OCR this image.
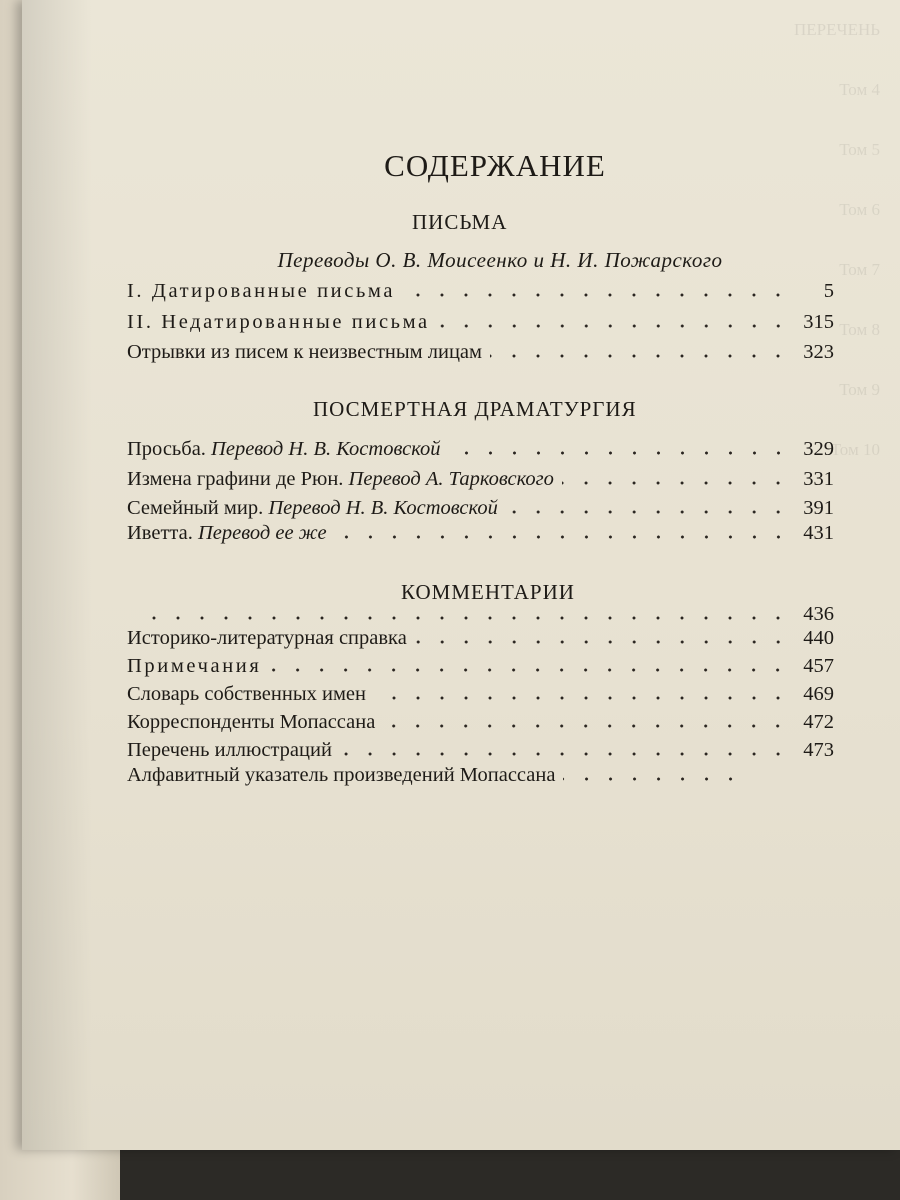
СОДЕРЖАНИЕ
ПИСЬМА
Переводы О. В. Моисеенко и Н. И. Пожарского
I. Датированные письма	5
II. Недатированные письма	315
Отрывки из писем к неизвестным лицам	323
ПОСМЕРТНАЯ ДРАМАТУРГИЯ
Просьба. Перевод Н. В. Костовской	329
Измена графини де Рюн. Перевод А. Тарковского	331
Семейный мир. Перевод Н. В. Костовской	391
Иветта. Перевод ее же	431
КОММЕНТАРИИ
436
Историко-литературная справка	440
Примечания	457
Словарь собственных имен	469
Корреспонденты Мопассана	472
Перечень иллюстраций	473
Алфавитный указатель произведений Мопассана
